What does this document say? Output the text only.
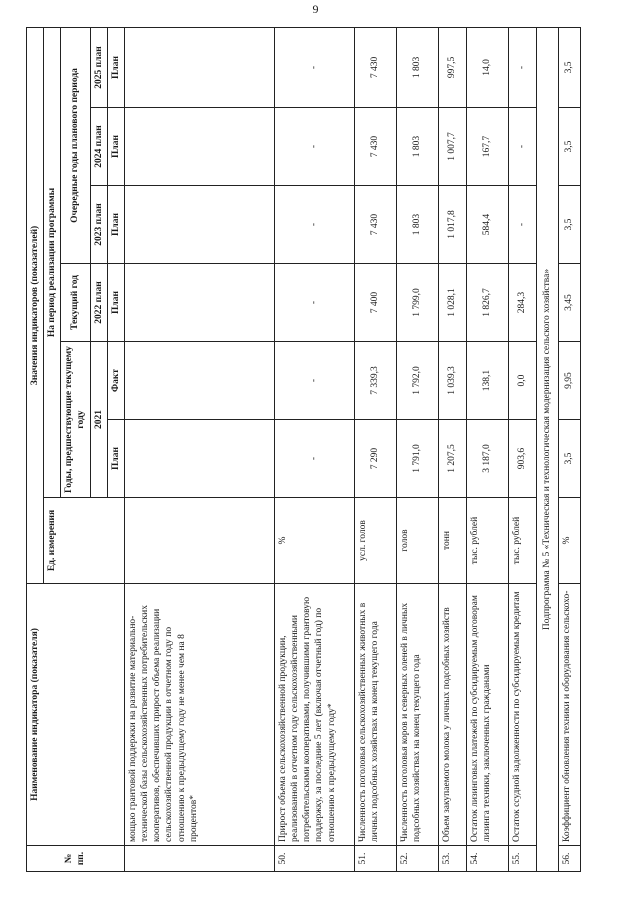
9
№ пп.	Наименование индикатора (показателя)	Значения индикаторов (показателей)						
		Ед. измерения	На период реализации программы					
			Годы, предшествующие текущему году		Текущий год	Очередные годы планового периода		
			2021		2022 план	2023 план	2024 план	2025 план
			План	Факт	План	План	План	План
	мощью грантовой поддержки на развитие материально-технической базы сельскохозяйственных потребительских кооперативов, обеспечивших прирост объема реализации сельскохозяйственной продукции в отчетном году по отношению к предыдущему году не менее чем на 8 процентов*							
50.	Прирост объема сельскохозяйственной продукции, реализованной в отчетном году сельскохозяйственными потребительскими кооперативами, получившими грантовую поддержку, за последние 5 лет (включая отчетный год) по отношению к предыдущему году*	%	-	-	-	-	-	-
51.	Численность поголовья сельскохозяйственных животных в личных подсобных хозяйствах на конец текущего года	усл. голов	7 290	7 339,3	7 400	7 430	7 430	7 430
52.	Численность поголовья коров и северных оленей в личных подсобных хозяйствах на конец текущего года	голов	1 791,0	1 792,0	1 799,0	1 803	1 803	1 803
53.	Объем закупаемого молока у личных подсобных хозяйств	тонн	1 207,5	1 039,3	1 028,1	1 017,8	1 007,7	997,5
54.	Остаток лизинговых платежей по субсидируемым договорам лизинга техники, заключенных гражданами	тыс. рублей	3 187,0	138,1	1 826,7	584,4	167,7	14,0
55.	Остаток ссудной задолженности по субсидируемым кредитам	тыс. рублей	903,6	0,0	284,3	-	-	-
Подпрограмма № 5 «Техническая и технологическая модернизация сельского хозяйства»								
56.	Коэффициент обновления техники и оборудования сельскохо-	%	3,5	9,95	3,45	3,5	3,5	3,5
